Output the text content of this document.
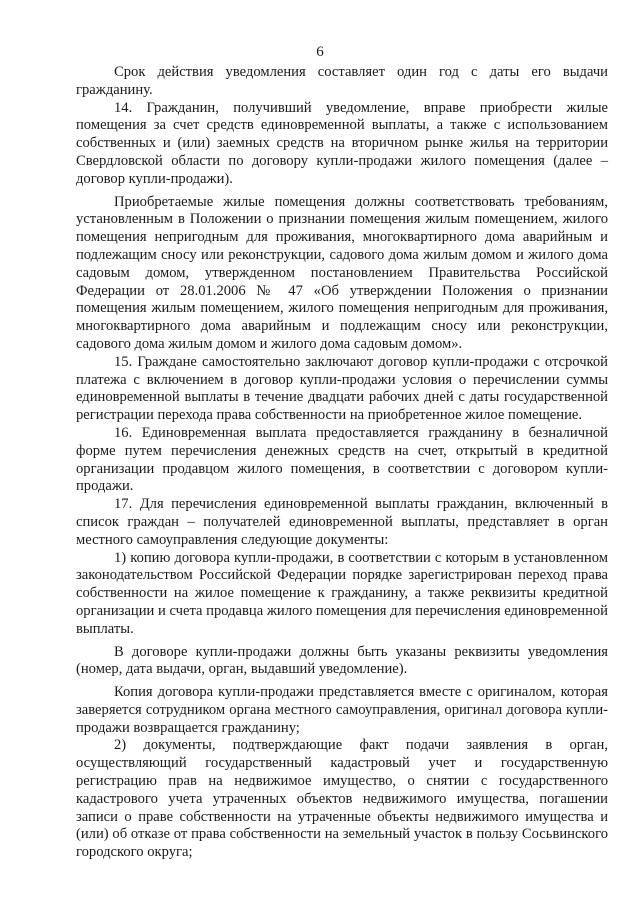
6

Срок действия уведомления составляет один год с даты его выдачи гражданину.

14. Гражданин, получивший уведомление, вправе приобрести жилые помещения за счет средств единовременной выплаты, а также с использованием собственных и (или) заемных средств на вторичном рынке жилья на территории Свердловской области по договору купли-продажи жилого помещения (далее – договор купли-продажи).

Приобретаемые жилые помещения должны соответствовать требованиям, установленным в Положении о признании помещения жилым помещением, жилого помещения непригодным для проживания, многоквартирного дома аварийным и подлежащим сносу или реконструкции, садового дома жилым домом и жилого дома садовым домом, утвержденном постановлением Правительства Российской Федерации от 28.01.2006 № 47 «Об утверждении Положения о признании помещения жилым помещением, жилого помещения непригодным для проживания, многоквартирного дома аварийным и подлежащим сносу или реконструкции, садового дома жилым домом и жилого дома садовым домом».

15. Граждане самостоятельно заключают договор купли-продажи с отсрочкой платежа с включением в договор купли-продажи условия о перечислении суммы единовременной выплаты в течение двадцати рабочих дней с даты государственной регистрации перехода права собственности на приобретенное жилое помещение.

16. Единовременная выплата предоставляется гражданину в безналичной форме путем перечисления денежных средств на счет, открытый в кредитной организации продавцом жилого помещения, в соответствии с договором купли-продажи.

17. Для перечисления единовременной выплаты гражданин, включенный в список граждан – получателей единовременной выплаты, представляет в орган местного самоуправления следующие документы:

1) копию договора купли-продажи, в соответствии с которым в установленном законодательством Российской Федерации порядке зарегистрирован переход права собственности на жилое помещение к гражданину, а также реквизиты кредитной организации и счета продавца жилого помещения для перечисления единовременной выплаты.

В договоре купли-продажи должны быть указаны реквизиты уведомления (номер, дата выдачи, орган, выдавший уведомление).

Копия договора купли-продажи представляется вместе с оригиналом, которая заверяется сотрудником органа местного самоуправления, оригинал договора купли-продажи возвращается гражданину;

2) документы, подтверждающие факт подачи заявления в орган, осуществляющий государственный кадастровый учет и государственную регистрацию прав на недвижимое имущество, о снятии с государственного кадастрового учета утраченных объектов недвижимого имущества, погашении записи о праве собственности на утраченные объекты недвижимого имущества и (или) об отказе от права собственности на земельный участок в пользу Сосьвинского городского округа;
